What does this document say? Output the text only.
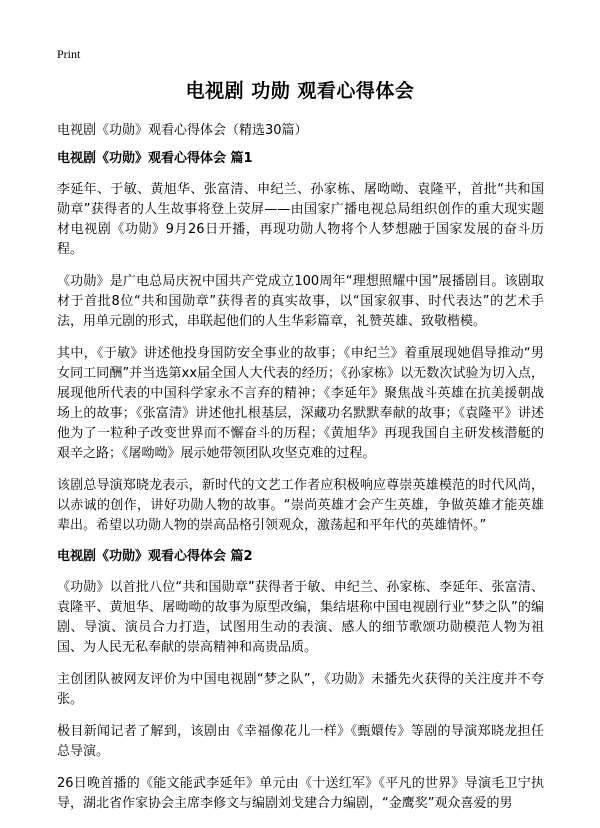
Print
电视剧 功勋 观看心得体会
电视剧《功勋》观看心得体会（精选30篇）
电视剧《功勋》观看心得体会 篇1

李延年、于敏、黄旭华、张富清、申纪兰、孙家栋、屠呦呦、袁隆平，首批“共和国勋章”获得者的人生故事将登上荧屏——由国家广播电视总局组织创作的重大现实题材电视剧《功勋》9月26日开播，再现功勋人物将个人梦想融于国家发展的奋斗历程。

《功勋》是广电总局庆祝中国共产党成立100周年“理想照耀中国”展播剧目。该剧取材于首批8位“共和国勋章”获得者的真实故事，以“国家叙事、时代表达”的艺术手法，用单元剧的形式，串联起他们的人生华彩篇章，礼赞英雄、致敬楷模。

其中，《于敏》讲述他投身国防安全事业的故事；《申纪兰》着重展现她倡导推动“男女同工同酬”并当选第xx届全国人大代表的经历；《孙家栋》以无数次试验为切入点，展现他所代表的中国科学家永不言弃的精神；《李延年》聚焦战斗英雄在抗美援朝战场上的故事；《张富清》讲述他扎根基层，深藏功名默默奉献的故事；《袁隆平》讲述他为了一粒种子改变世界而不懈奋斗的历程；《黄旭华》再现我国自主研发核潜艇的艰辛之路；《屠呦呦》展示她带领团队攻坚克难的过程。

该剧总导演郑晓龙表示，新时代的文艺工作者应积极响应尊崇英雄模范的时代风尚，以赤诚的创作，讲好功勋人物的故事。“崇尚英雄才会产生英雄，争做英雄才能英雄辈出。希望以功勋人物的崇高品格引领观众，激荡起和平年代的英雄情怀。”

电视剧《功勋》观看心得体会 篇2

《功勋》以首批八位“共和国勋章”获得者于敏、申纪兰、孙家栋、李延年、张富清、袁隆平、黄旭华、屠呦呦的故事为原型改编，集结堪称中国电视剧行业“梦之队”的编剧、导演、演员合力打造，试图用生动的表演、感人的细节歌颂功勋模范人物为祖国、为人民无私奉献的崇高精神和高贵品质。

主创团队被网友评价为中国电视剧“梦之队”，《功勋》未播先火获得的关注度并不夸张。

极目新闻记者了解到，该剧由《幸福像花儿一样》《甄嬛传》等剧的导演郑晓龙担任总导演。

26日晚首播的《能文能武李延年》单元由《十送红军》《平凡的世界》导演毛卫宁执导，湖北省作家协会主席李修文与编剧刘戈建合力编剧，“金鹰奖”观众喜爱的男
